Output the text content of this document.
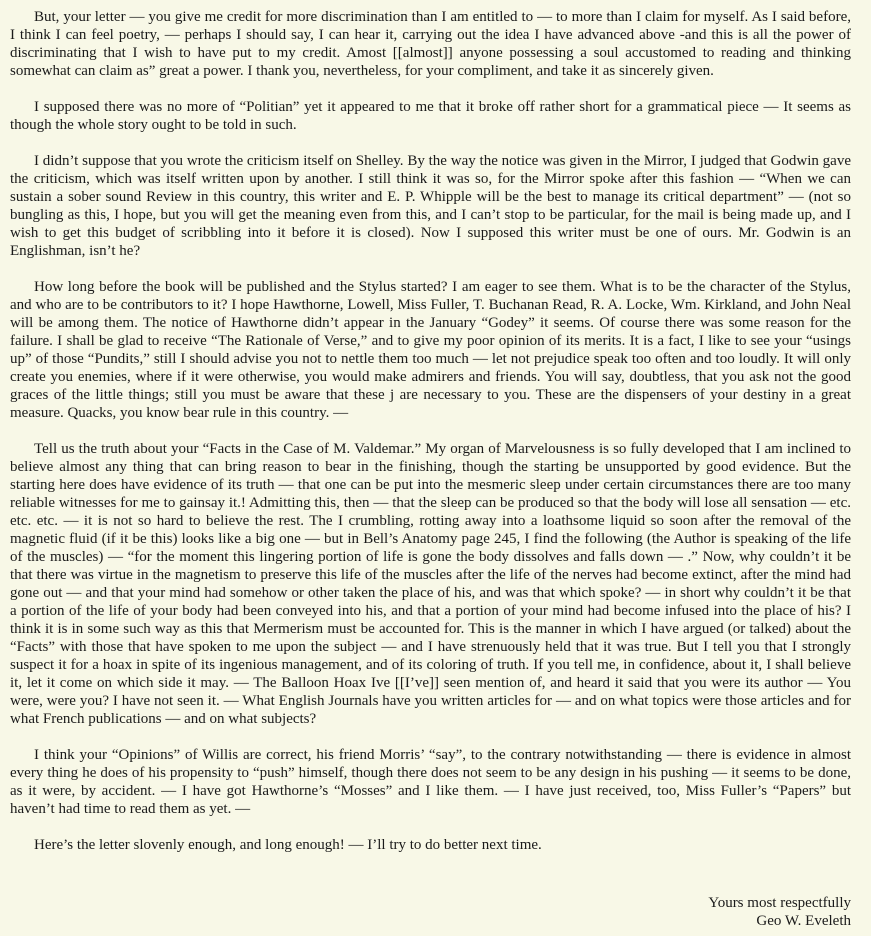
But, your letter — you give me credit for more discrimination than I am entitled to — to more than I claim for myself. As I said before, I think I can feel poetry, — perhaps I should say, I can hear it, carrying out the idea I have advanced above -and this is all the power of discriminating that I wish to have put to my credit. Amost [[almost]] anyone possessing a soul accustomed to reading and thinking somewhat can claim as” great a power. I thank you, nevertheless, for your compliment, and take it as sincerely given.

I supposed there was no more of “Politian” yet it appeared to me that it broke off rather short for a grammatical piece — It seems as though the whole story ought to be told in such.

I didn’t suppose that you wrote the criticism itself on Shelley. By the way the notice was given in the Mirror, I judged that Godwin gave the criticism, which was itself written upon by another. I still think it was so, for the Mirror spoke after this fashion — “When we can sustain a sober sound Review in this country, this writer and E. P. Whipple will be the best to manage its critical department” — (not so bungling as this, I hope, but you will get the meaning even from this, and I can’t stop to be particular, for the mail is being made up, and I wish to get this budget of scribbling into it before it is closed). Now I supposed this writer must be one of ours. Mr. Godwin is an Englishman, isn’t he?

How long before the book will be published and the Stylus started? I am eager to see them. What is to be the character of the Stylus, and who are to be contributors to it? I hope Hawthorne, Lowell, Miss Fuller, T. Buchanan Read, R. A. Locke, Wm. Kirkland, and John Neal will be among them. The notice of Hawthorne didn’t appear in the January “Godey” it seems. Of course there was some reason for the failure. I shall be glad to receive “The Rationale of Verse,” and to give my poor opinion of its merits. It is a fact, I like to see your “usings up” of those “Pundits,” still I should advise you not to nettle them too much — let not prejudice speak too often and too loudly. It will only create you enemies, where if it were otherwise, you would make admirers and friends. You will say, doubtless, that you ask not the good graces of the little things; still you must be aware that these j are necessary to you. These are the dispensers of your destiny in a great measure. Quacks, you know bear rule in this country. —

Tell us the truth about your “Facts in the Case of M. Valdemar.” My organ of Marvelousness is so fully developed that I am inclined to believe almost any thing that can bring reason to bear in the finishing, though the starting be unsupported by good evidence. But the starting here does have evidence of its truth — that one can be put into the mesmeric sleep under certain circumstances there are too many reliable witnesses for me to gainsay it.! Admitting this, then — that the sleep can be produced so that the body will lose all sensation — etc. etc. etc. — it is not so hard to believe the rest. The I crumbling, rotting away into a loathsome liquid so soon after the removal of the magnetic fluid (if it be this) looks like a big one — but in Bell’s Anatomy page 245, I find the following (the Author is speaking of the life of the muscles) — “for the moment this lingering portion of life is gone the body dissolves and falls down — .” Now, why couldn’t it be that there was virtue in the magnetism to preserve this life of the muscles after the life of the nerves had become extinct, after the mind had gone out — and that your mind had somehow or other taken the place of his, and was that which spoke? — in short why couldn’t it be that a portion of the life of your body had been conveyed into his, and that a portion of your mind had become infused into the place of his? I think it is in some such way as this that Mermerism must be accounted for. This is the manner in which I have argued (or talked) about the “Facts” with those that have spoken to me upon the subject — and I have strenuously held that it was true. But I tell you that I strongly suspect it for a hoax in spite of its ingenious management, and of its coloring of truth. If you tell me, in confidence, about it, I shall believe it, let it come on which side it may. — The Balloon Hoax Ive [[I’ve]] seen mention of, and heard it said that you were its author — You were, were you? I have not seen it. — What English Journals have you written articles for — and on what topics were those articles and for what French publications — and on what subjects?

I think your “Opinions” of Willis are correct, his friend Morris’ “say”, to the contrary notwithstanding — there is evidence in almost every thing he does of his propensity to “push” himself, though there does not seem to be any design in his pushing — it seems to be done, as it were, by accident. — I have got Hawthorne’s “Mosses” and I like them. — I have just received, too, Miss Fuller’s “Papers” but haven’t had time to read them as yet. —

Here’s the letter slovenly enough, and long enough! — I’ll try to do better next time.

Yours most respectfully
Geo W. Eveleth
